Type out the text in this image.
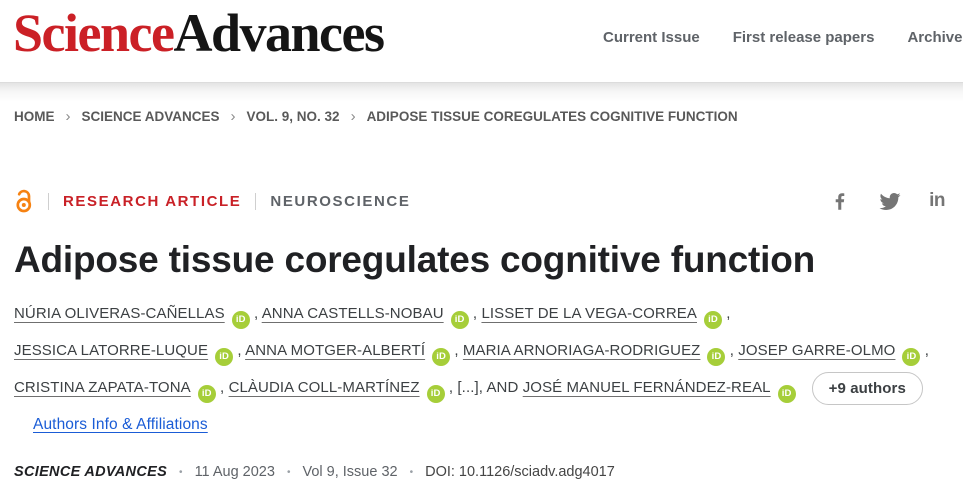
ScienceAdvances	Current Issue First release papers Archive
HOME › SCIENCE ADVANCES › VOL. 9, NO. 32 › ADIPOSE TISSUE COREGULATES COGNITIVE FUNCTION
RESEARCH ARTICLE NEUROSCIENCE	in
Adipose tissue coregulates cognitive function

NÚRIA OLIVERAS-CAÑELLAS iD , ANNA CASTELLS-NOBAU iD , LISSET DE LA VEGA-CORREA iD , JESSICA LATORRE-LUQUE iD , ANNA MOTGER-ALBERTÍ iD , MARIA ARNORIAGA-RODRIGUEZ iD , JOSEP GARRE-OLMO iD , CRISTINA ZAPATA-TONA iD , CLÀUDIA COLL-MARTÍNEZ iD , [...], AND JOSÉ MANUEL FERNÁNDEZ-REAL iD +9 authorsAuthors Info & Affiliations

SCIENCE ADVANCES • 11 Aug 2023 • Vol 9, Issue 32 • DOI: 10.1126/sciadv.adg4017
